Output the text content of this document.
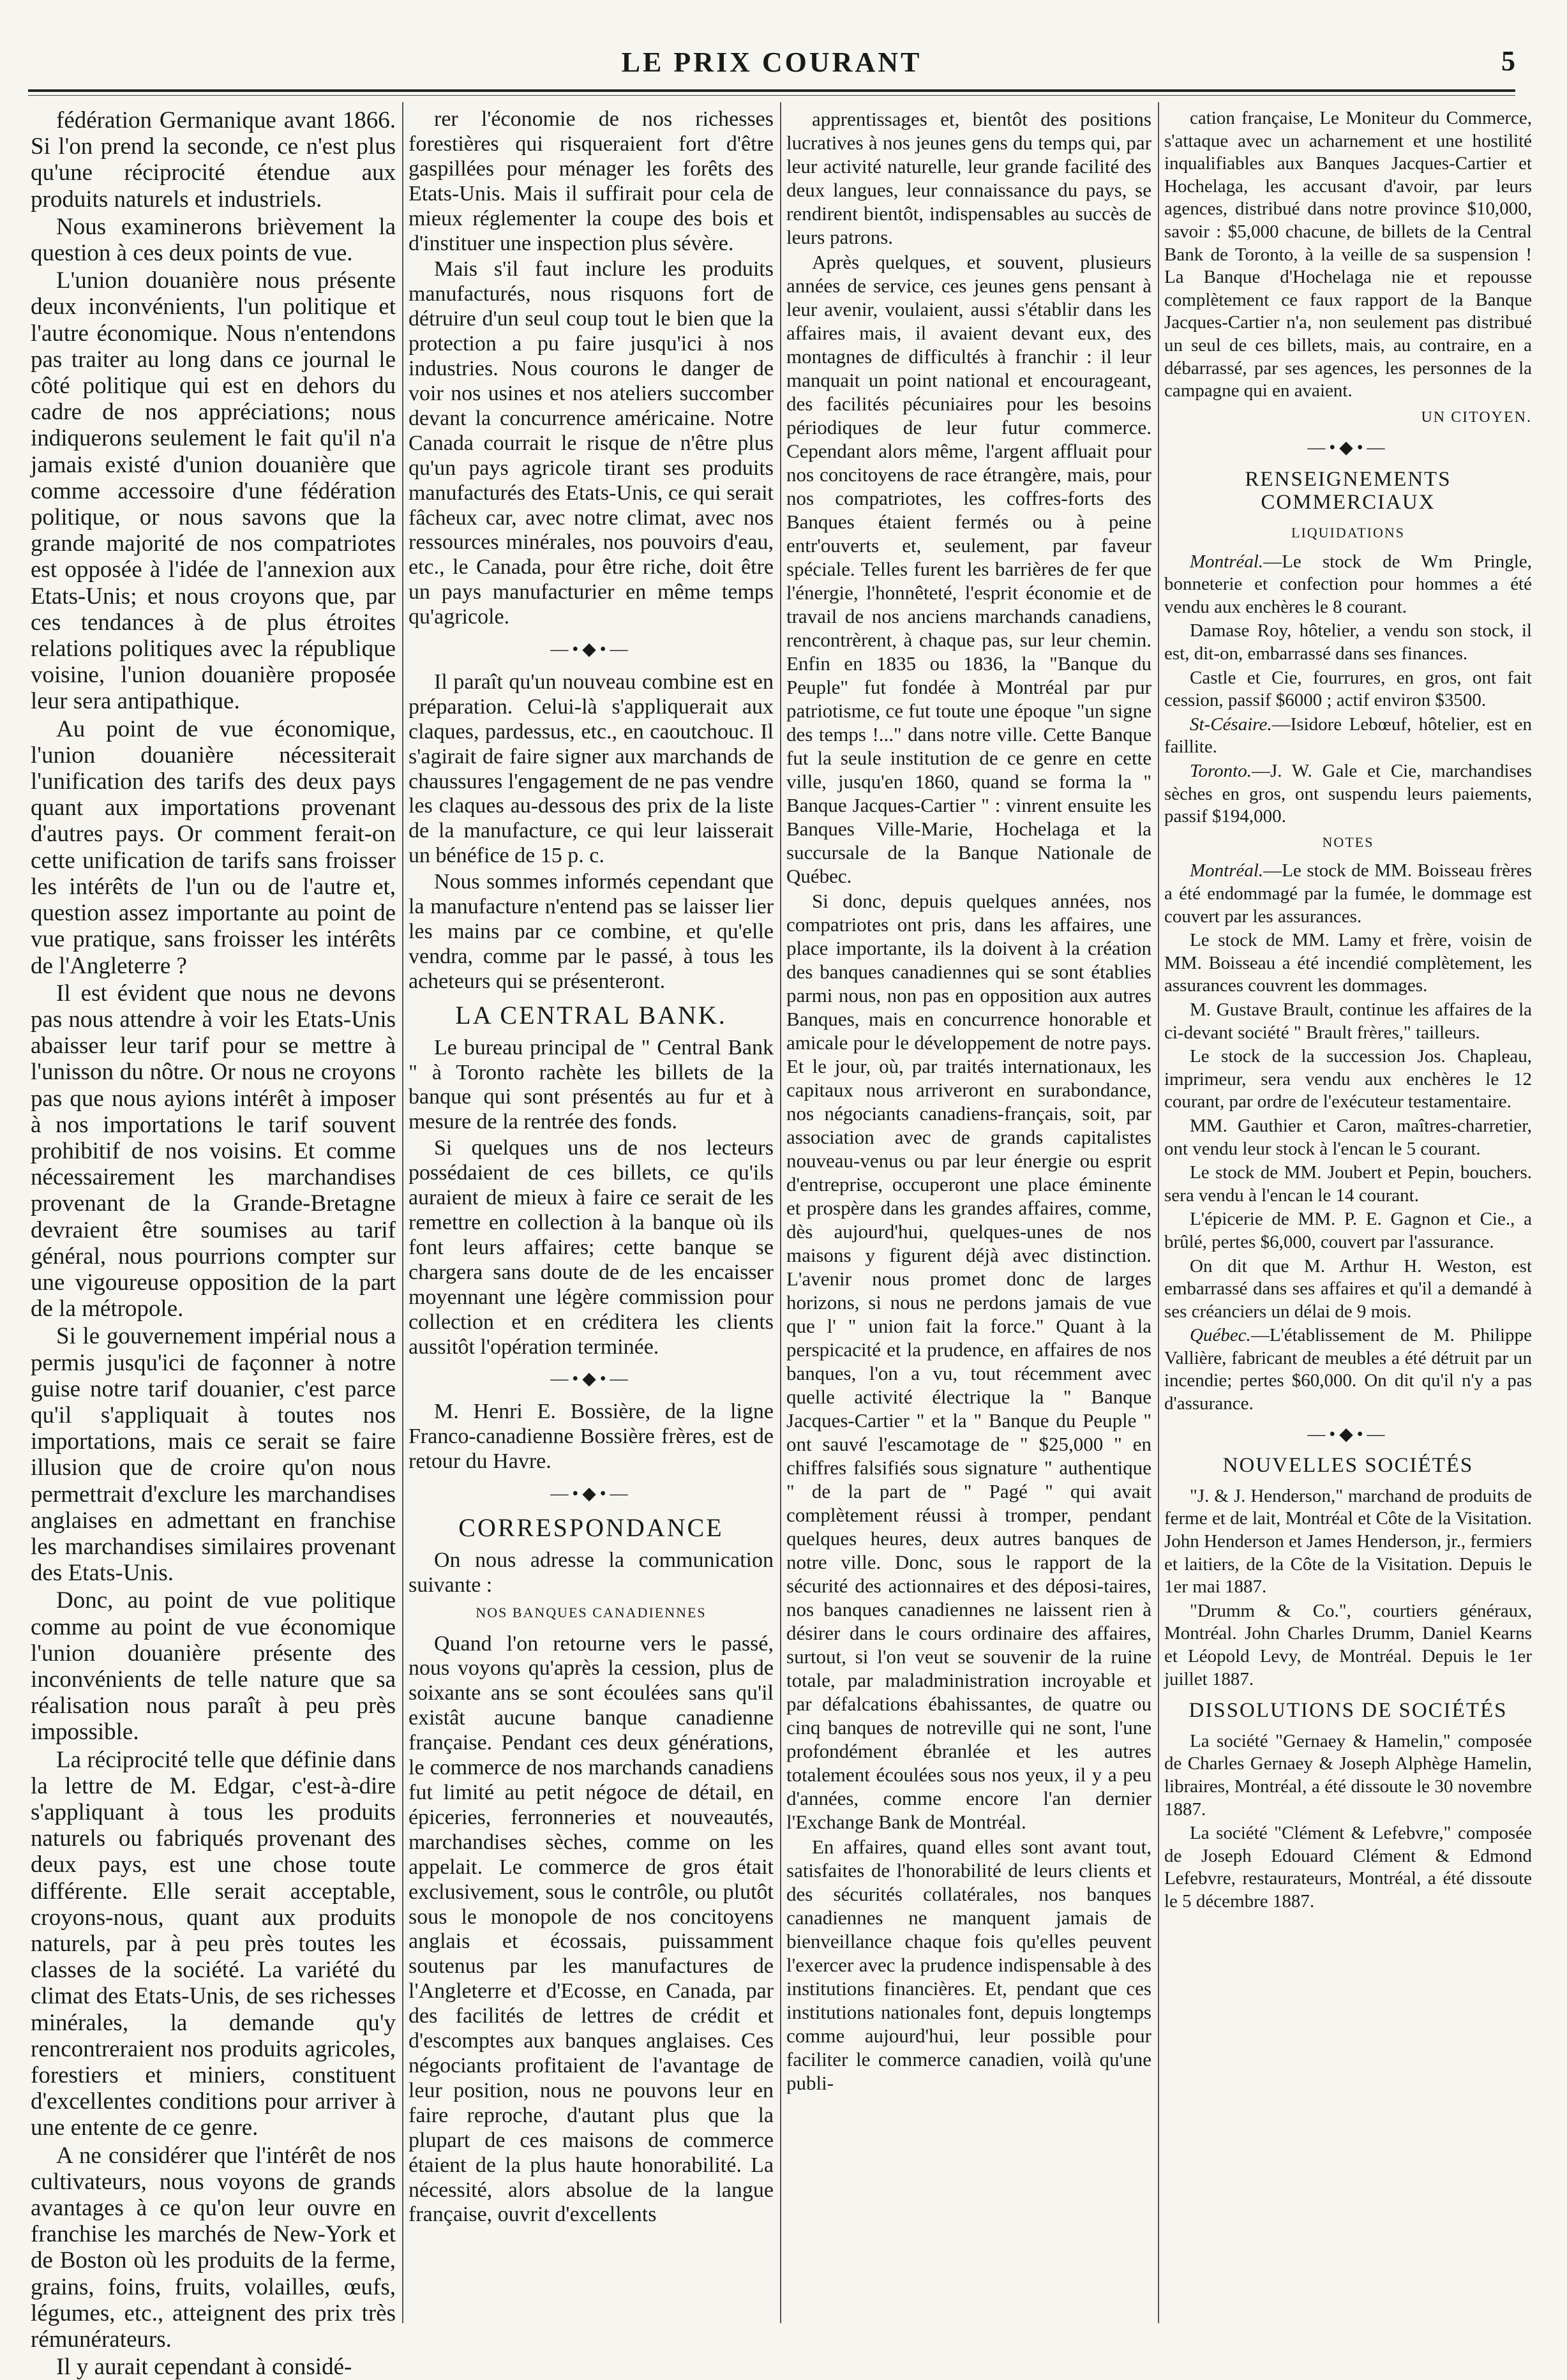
LE PRIX COURANT	5

fédération Germanique avant 1866. Si l'on prend la seconde, ce n'est plus qu'une réciprocité étendue aux produits naturels et industriels.

Nous examinerons brièvement la question à ces deux points de vue.

L'union douanière nous présente deux inconvénients, l'un politique et l'autre économique. Nous n'entendons pas traiter au long dans ce journal le côté politique qui est en dehors du cadre de nos appréciations; nous indiquerons seulement le fait qu'il n'a jamais existé d'union douanière que comme accessoire d'une fédération politique, or nous savons que la grande majorité de nos compatriotes est opposée à l'idée de l'annexion aux Etats-Unis; et nous croyons que, par ces tendances à de plus étroites relations politiques avec la république voisine, l'union douanière proposée leur sera antipathique.

Au point de vue économique, l'union douanière nécessiterait l'unification des tarifs des deux pays quant aux importations provenant d'autres pays. Or comment ferait-on cette unification de tarifs sans froisser les intérêts de l'un ou de l'autre et, question assez importante au point de vue pratique, sans froisser les intérêts de l'Angleterre ?

Il est évident que nous ne devons pas nous attendre à voir les Etats-Unis abaisser leur tarif pour se mettre à l'unisson du nôtre. Or nous ne croyons pas que nous ayions intérêt à imposer à nos importations le tarif souvent prohibitif de nos voisins. Et comme nécessairement les marchandises provenant de la Grande-Bretagne devraient être soumises au tarif général, nous pourrions compter sur une vigoureuse opposition de la part de la métropole.

Si le gouvernement impérial nous a permis jusqu'ici de façonner à notre guise notre tarif douanier, c'est parce qu'il s'appliquait à toutes nos importations, mais ce serait se faire illusion que de croire qu'on nous permettrait d'exclure les marchandises anglaises en admettant en franchise les marchandises similaires provenant des Etats-Unis.

Donc, au point de vue politique comme au point de vue économique l'union douanière présente des inconvénients de telle nature que sa réalisation nous paraît à peu près impossible.

La réciprocité telle que définie dans la lettre de M. Edgar, c'est-à-dire s'appliquant à tous les produits naturels ou fabriqués provenant des deux pays, est une chose toute différente. Elle serait acceptable, croyons-nous, quant aux produits naturels, par à peu près toutes les classes de la société. La variété du climat des Etats-Unis, de ses richesses minérales, la demande qu'y rencontreraient nos produits agricoles, forestiers et miniers, constituent d'excellentes conditions pour arriver à une entente de ce genre.

A ne considérer que l'intérêt de nos cultivateurs, nous voyons de grands avantages à ce qu'on leur ouvre en franchise les marchés de New-York et de Boston où les produits de la ferme, grains, foins, fruits, volailles, œufs, légumes, etc., atteignent des prix très rémunérateurs.

Il y aurait cependant à considé-

rer l'économie de nos richesses forestières qui risqueraient fort d'être gaspillées pour ménager les forêts des Etats-Unis. Mais il suffirait pour cela de mieux réglementer la coupe des bois et d'instituer une inspection plus sévère.

Mais s'il faut inclure les produits manufacturés, nous risquons fort de détruire d'un seul coup tout le bien que la protection a pu faire jusqu'ici à nos industries. Nous courons le danger de voir nos usines et nos ateliers succomber devant la concurrence américaine. Notre Canada courrait le risque de n'être plus qu'un pays agricole tirant ses produits manufacturés des Etats-Unis, ce qui serait fâcheux car, avec notre climat, avec nos ressources minérales, nos pouvoirs d'eau, etc., le Canada, pour être riche, doit être un pays manufacturier en même temps qu'agricole.

—•◆•—

Il paraît qu'un nouveau combine est en préparation. Celui-là s'appliquerait aux claques, pardessus, etc., en caoutchouc. Il s'agirait de faire signer aux marchands de chaussures l'engagement de ne pas vendre les claques au-dessous des prix de la liste de la manufacture, ce qui leur laisserait un bénéfice de 15 p. c.

Nous sommes informés cependant que la manufacture n'entend pas se laisser lier les mains par ce combine, et qu'elle vendra, comme par le passé, à tous les acheteurs qui se présenteront.

LA CENTRAL BANK.

Le bureau principal de " Central Bank " à Toronto rachète les billets de la banque qui sont présentés au fur et à mesure de la rentrée des fonds.

Si quelques uns de nos lecteurs possédaient de ces billets, ce qu'ils auraient de mieux à faire ce serait de les remettre en collection à la banque où ils font leurs affaires; cette banque se chargera sans doute de de les encaisser moyennant une légère commission pour collection et en créditera les clients aussitôt l'opération terminée.

—•◆•—

M. Henri E. Bossière, de la ligne Franco-canadienne Bossière frères, est de retour du Havre.

—•◆•—
CORRESPONDANCE

On nous adresse la communication suivante :

NOS BANQUES CANADIENNES

Quand l'on retourne vers le passé, nous voyons qu'après la cession, plus de soixante ans se sont écoulées sans qu'il existât aucune banque canadienne française. Pendant ces deux générations, le commerce de nos marchands canadiens fut limité au petit négoce de détail, en épiceries, ferronneries et nouveautés, marchandises sèches, comme on les appelait. Le commerce de gros était exclusivement, sous le contrôle, ou plutôt sous le monopole de nos concitoyens anglais et écossais, puissamment soutenus par les manufactures de l'Angleterre et d'Ecosse, en Canada, par des facilités de lettres de crédit et d'escomptes aux banques anglaises. Ces négociants profitaient de l'avantage de leur position, nous ne pouvons leur en faire reproche, d'autant plus que la plupart de ces maisons de commerce étaient de la plus haute honorabilité. La nécessité, alors absolue de la langue française, ouvrit d'excellents

apprentissages et, bientôt des positions lucratives à nos jeunes gens du temps qui, par leur activité naturelle, leur grande facilité des deux langues, leur connaissance du pays, se rendirent bientôt, indispensables au succès de leurs patrons.

Après quelques, et souvent, plusieurs années de service, ces jeunes gens pensant à leur avenir, voulaient, aussi s'établir dans les affaires mais, il avaient devant eux, des montagnes de difficultés à franchir : il leur manquait un point national et encourageant, des facilités pécuniaires pour les besoins périodiques de leur futur commerce. Cependant alors même, l'argent affluait pour nos concitoyens de race étrangère, mais, pour nos compatriotes, les coffres-forts des Banques étaient fermés ou à peine entr'ouverts et, seulement, par faveur spéciale. Telles furent les barrières de fer que l'énergie, l'honnêteté, l'esprit économie et de travail de nos anciens marchands canadiens, rencontrèrent, à chaque pas, sur leur chemin. Enfin en 1835 ou 1836, la "Banque du Peuple" fut fondée à Montréal par pur patriotisme, ce fut toute une époque "un signe des temps !..." dans notre ville. Cette Banque fut la seule institution de ce genre en cette ville, jusqu'en 1860, quand se forma la " Banque Jacques-Cartier " : vinrent ensuite les Banques Ville-Marie, Hochelaga et la succursale de la Banque Nationale de Québec.

Si donc, depuis quelques années, nos compatriotes ont pris, dans les affaires, une place importante, ils la doivent à la création des banques canadiennes qui se sont établies parmi nous, non pas en opposition aux autres Banques, mais en concurrence honorable et amicale pour le développement de notre pays. Et le jour, où, par traités internationaux, les capitaux nous arriveront en surabondance, nos négociants canadiens-français, soit, par association avec de grands capitalistes nouveau-venus ou par leur énergie ou esprit d'entreprise, occuperont une place éminente et prospère dans les grandes affaires, comme, dès aujourd'hui, quelques-unes de nos maisons y figurent déjà avec distinction. L'avenir nous promet donc de larges horizons, si nous ne perdons jamais de vue que l' " union fait la force." Quant à la perspicacité et la prudence, en affaires de nos banques, l'on a vu, tout récemment avec quelle activité électrique la " Banque Jacques-Cartier " et la " Banque du Peuple " ont sauvé l'escamotage de " $25,000 " en chiffres falsifiés sous signature " authentique " de la part de " Pagé " qui avait complètement réussi à tromper, pendant quelques heures, deux autres banques de notre ville. Donc, sous le rapport de la sécurité des actionnaires et des déposi-taires, nos banques canadiennes ne laissent rien à désirer dans le cours ordinaire des affaires, surtout, si l'on veut se souvenir de la ruine totale, par maladministration incroyable et par défalcations ébahissantes, de quatre ou cinq banques de notreville qui ne sont, l'une profondément ébranlée et les autres totalement écoulées sous nos yeux, il y a peu d'années, comme encore l'an dernier l'Exchange Bank de Montréal.

En affaires, quand elles sont avant tout, satisfaites de l'honorabilité de leurs clients et des sécurités collatérales, nos banques canadiennes ne manquent jamais de bienveillance chaque fois qu'elles peuvent l'exercer avec la prudence indispensable à des institutions financières. Et, pendant que ces institutions nationales font, depuis longtemps comme aujourd'hui, leur possible pour faciliter le commerce canadien, voilà qu'une publi-

cation française, Le Moniteur du Commerce, s'attaque avec un acharnement et une hostilité inqualifiables aux Banques Jacques-Cartier et Hochelaga, les accusant d'avoir, par leurs agences, distribué dans notre province $10,000, savoir : $5,000 chacune, de billets de la Central Bank de Toronto, à la veille de sa suspension ! La Banque d'Hochelaga nie et repousse complètement ce faux rapport de la Banque Jacques-Cartier n'a, non seulement pas distribué un seul de ces billets, mais, au contraire, en a débarrassé, par ses agences, les personnes de la campagne qui en avaient.

UN CITOYEN.
—•◆•—
RENSEIGNEMENTS COMMERCIAUX
LIQUIDATIONS

Montréal.—Le stock de Wm Pringle, bonneterie et confection pour hommes a été vendu aux enchères le 8 courant.

Damase Roy, hôtelier, a vendu son stock, il est, dit-on, embarrassé dans ses finances.

Castle et Cie, fourrures, en gros, ont fait cession, passif $6000 ; actif environ $3500.

St-Césaire.—Isidore Lebœuf, hôtelier, est en faillite.

Toronto.—J. W. Gale et Cie, marchandises sèches en gros, ont suspendu leurs paiements, passif $194,000.

NOTES

Montréal.—Le stock de MM. Boisseau frères a été endommagé par la fumée, le dommage est couvert par les assurances.

Le stock de MM. Lamy et frère, voisin de MM. Boisseau a été incendié complètement, les assurances couvrent les dommages.

M. Gustave Brault, continue les affaires de la ci-devant société " Brault frères," tailleurs.

Le stock de la succession Jos. Chapleau, imprimeur, sera vendu aux enchères le 12 courant, par ordre de l'exécuteur testamentaire.

MM. Gauthier et Caron, maîtres-charretier, ont vendu leur stock à l'encan le 5 courant.

Le stock de MM. Joubert et Pepin, bouchers. sera vendu à l'encan le 14 courant.

L'épicerie de MM. P. E. Gagnon et Cie., a brûlé, pertes $6,000, couvert par l'assurance.

On dit que M. Arthur H. Weston, est embarrassé dans ses affaires et qu'il a demandé à ses créanciers un délai de 9 mois.

Québec.—L'établissement de M. Philippe Vallière, fabricant de meubles a été détruit par un incendie; pertes $60,000. On dit qu'il n'y a pas d'assurance.

—•◆•—
NOUVELLES SOCIÉTÉS

"J. & J. Henderson," marchand de produits de ferme et de lait, Montréal et Côte de la Visitation. John Henderson et James Henderson, jr., fermiers et laitiers, de la Côte de la Visitation. Depuis le 1er mai 1887.

"Drumm & Co.", courtiers généraux, Montréal. John Charles Drumm, Daniel Kearns et Léopold Levy, de Montréal. Depuis le 1er juillet 1887.

DISSOLUTIONS DE SOCIÉTÉS

La société "Gernaey & Hamelin," composée de Charles Gernaey & Joseph Alphège Hamelin, libraires, Montréal, a été dissoute le 30 novembre 1887.

La société "Clément & Lefebvre," composée de Joseph Edouard Clément & Edmond Lefebvre, restaurateurs, Montréal, a été dissoute le 5 décembre 1887.
